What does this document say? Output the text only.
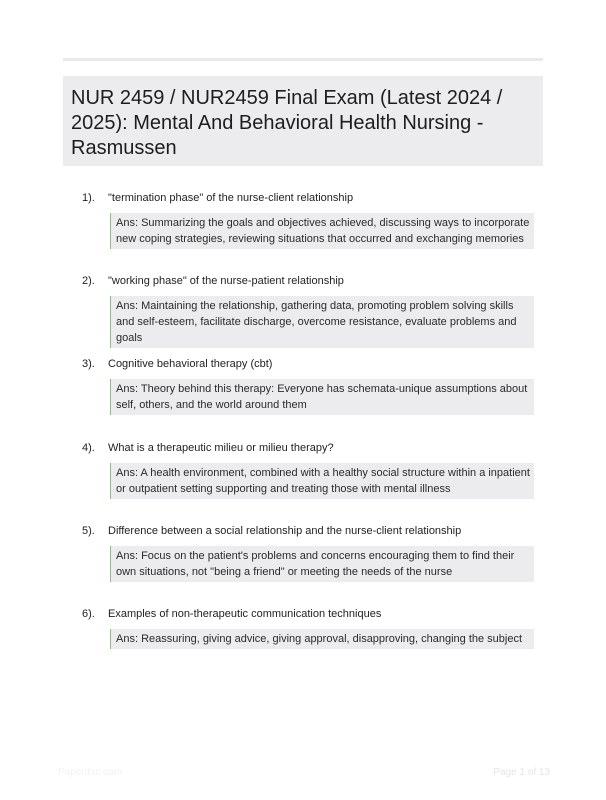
NUR 2459 / NUR2459 Final Exam (Latest 2024 / 2025): Mental And Behavioral Health Nursing - Rasmussen
1). "termination phase" of the nurse-client relationship
Ans: Summarizing the goals and objectives achieved, discussing ways to incorporate new coping strategies, reviewing situations that occurred and exchanging memories
2). "working phase" of the nurse-patient relationship
Ans: Maintaining the relationship, gathering data, promoting problem solving skills and self-esteem, facilitate discharge, overcome resistance, evaluate problems and goals
3). Cognitive behavioral therapy (cbt)
Ans: Theory behind this therapy: Everyone has schemata-unique assumptions about self, others, and the world around them
4). What is a therapeutic milieu or milieu therapy?
Ans: A health environment, combined with a healthy social structure within a inpatient or outpatient setting supporting and treating those with mental illness
5). Difference between a social relationship and the nurse-client relationship
Ans: Focus on the patient's problems and concerns encouraging them to find their own situations, not "being a friend" or meeting the needs of the nurse
6). Examples of non-therapeutic communication techniques
Ans: Reassuring, giving advice, giving approval, disapproving, changing the subject
Papertbic.com	Page 1 of 13
